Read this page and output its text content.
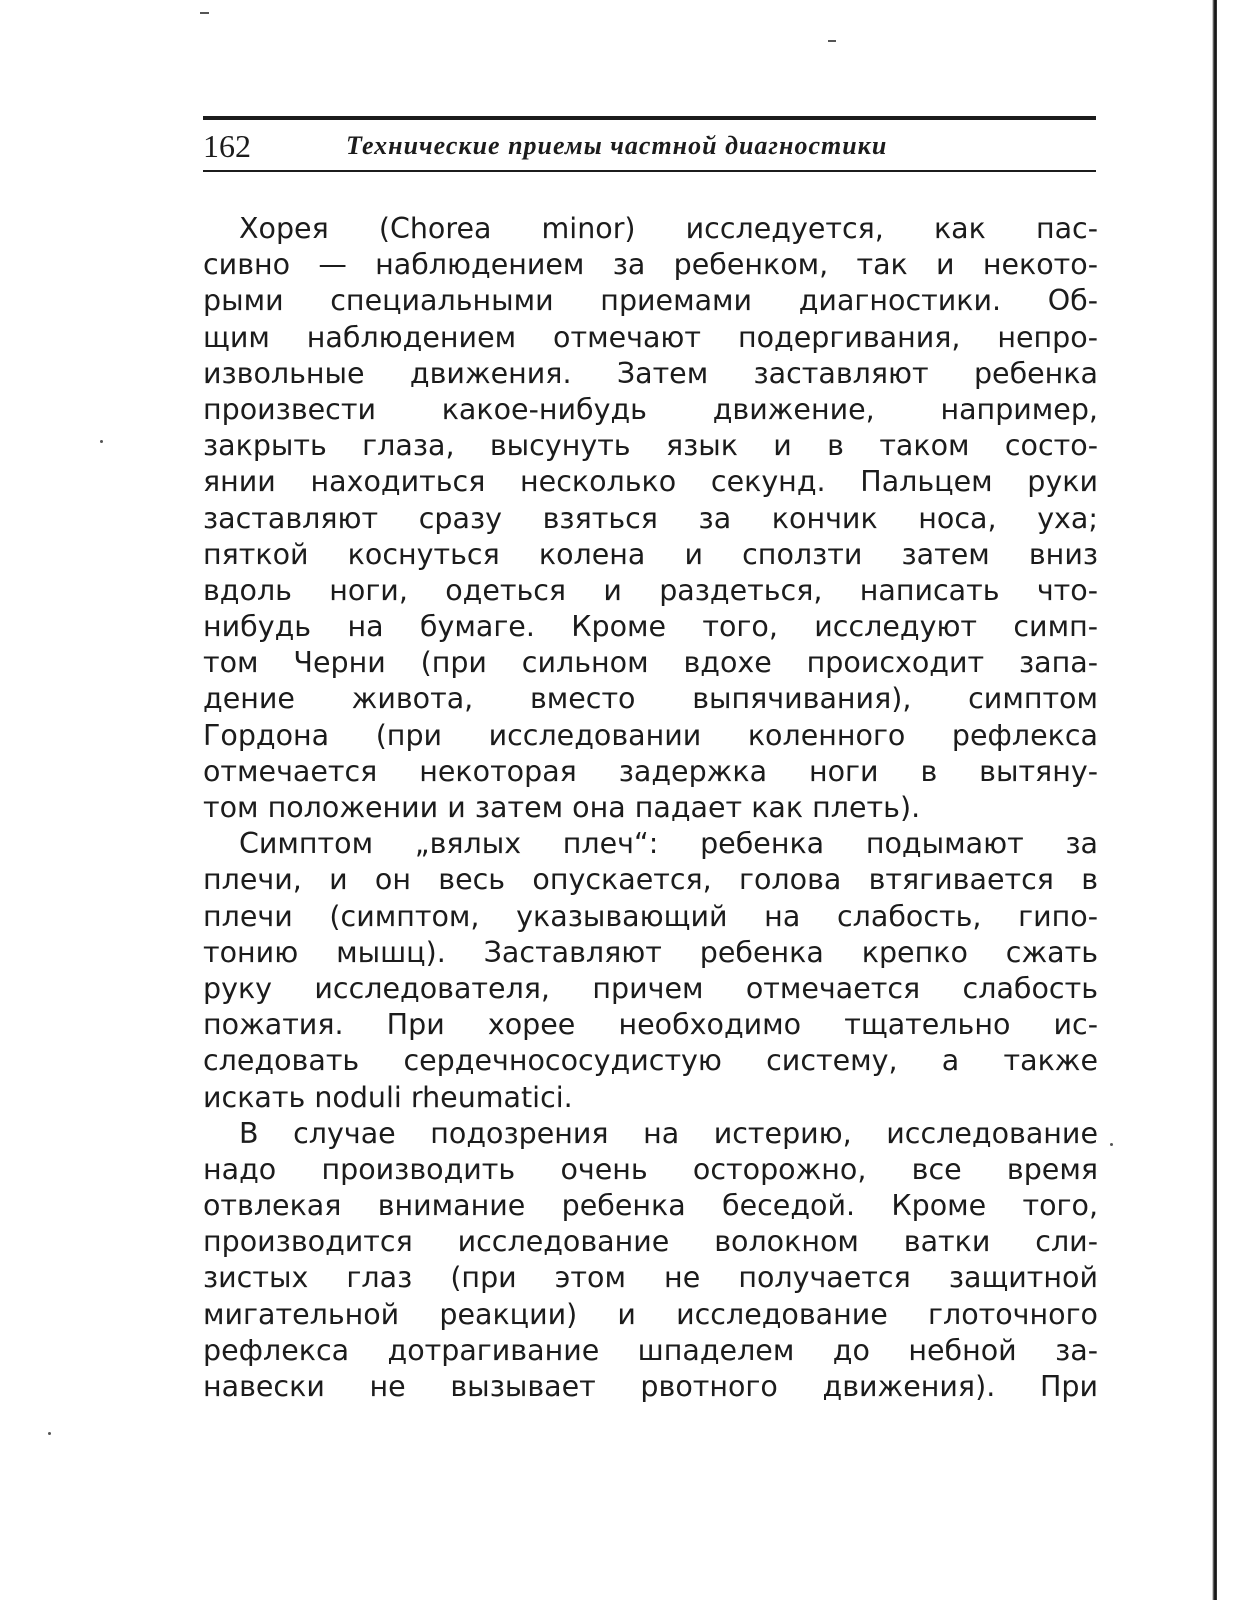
162	Технические приемы частной диагностики
Хорея (Chorea minor) исследуется, как пас-
сивно — наблюдением за ребенком, так и некото-
рыми специальными приемами диагностики. Об-
щим наблюдением отмечают подергивания, непро-
извольные движения. Затем заставляют ребенка
произвести какое-нибудь движение, например,
закрыть глаза, высунуть язык и в таком состо-
янии находиться несколько секунд. Пальцем руки
заставляют сразу взяться за кончик носа, уха;
пяткой коснуться колена и сползти затем вниз
вдоль ноги, одеться и раздеться, написать что-
нибудь на бумаге. Кроме того, исследуют симп-
том Черни (при сильном вдохе происходит запа-
дение живота, вместо выпячивания), симптом
Гордона (при исследовании коленного рефлекса
отмечается некоторая задержка ноги в вытяну-
том положении и затем она падает как плеть).
Симптом „вялых плеч“: ребенка подымают за
плечи, и он весь опускается, голова втягивается в
плечи (симптом, указывающий на слабость, гипо-
тонию мышц). Заставляют ребенка крепко сжать
руку исследователя, причем отмечается слабость
пожатия. При хорее необходимо тщательно ис-
следовать сердечнососудистую систему, а также
искать noduli rheumatici.
В случае подозрения на истерию, исследование
надо производить очень осторожно, все время
отвлекая внимание ребенка беседой. Кроме того,
производится исследование волокном ватки сли-
зистых глаз (при этом не получается защитной
мигательной реакции) и исследование глоточного
рефлекса дотрагивание шпаделем до небной за-
навески не вызывает рвотного движения). При
